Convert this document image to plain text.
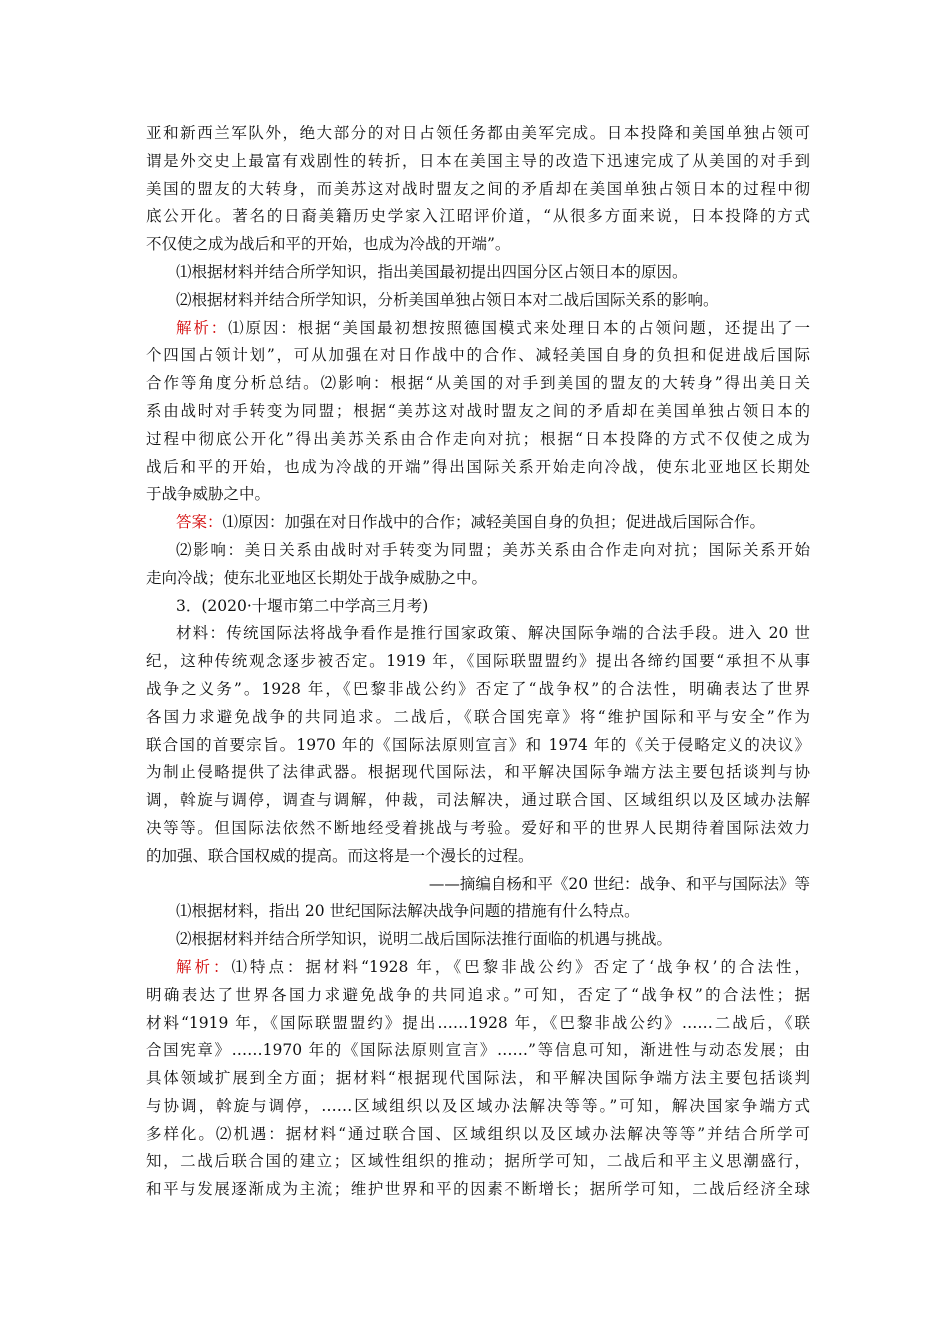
亚和新西兰军队外，绝大部分的对日占领任务都由美军完成。日本投降和美国单独占领可
谓是外交史上最富有戏剧性的转折，日本在美国主导的改造下迅速完成了从美国的对手到
美国的盟友的大转身，而美苏这对战时盟友之间的矛盾却在美国单独占领日本的过程中彻
底公开化。著名的日裔美籍历史学家入江昭评价道，“从很多方面来说，日本投降的方式
不仅使之成为战后和平的开始，也成为冷战的开端”。
⑴根据材料并结合所学知识，指出美国最初提出四国分区占领日本的原因。
⑵根据材料并结合所学知识，分析美国单独占领日本对二战后国际关系的影响。
解析：⑴原因：根据“美国最初想按照德国模式来处理日本的占领问题，还提出了一
个四国占领计划”，可从加强在对日作战中的合作、减轻美国自身的负担和促进战后国际
合作等角度分析总结。⑵影响：根据“从美国的对手到美国的盟友的大转身”得出美日关
系由战时对手转变为同盟；根据“美苏这对战时盟友之间的矛盾却在美国单独占领日本的
过程中彻底公开化”得出美苏关系由合作走向对抗；根据“日本投降的方式不仅使之成为
战后和平的开始，也成为冷战的开端”得出国际关系开始走向冷战，使东北亚地区长期处
于战争威胁之中。
答案：⑴原因：加强在对日作战中的合作；减轻美国自身的负担；促进战后国际合作。
⑵影响：美日关系由战时对手转变为同盟；美苏关系由合作走向对抗；国际关系开始
走向冷战；使东北亚地区长期处于战争威胁之中。
3．(2020·十堰市第二中学高三月考)
材料：传统国际法将战争看作是推行国家政策、解决国际争端的合法手段。进入 20 世
纪，这种传统观念逐步被否定。1919 年，《国际联盟盟约》提出各缔约国要“承担不从事
战争之义务”。1928 年，《巴黎非战公约》否定了“战争权”的合法性，明确表达了世界
各国力求避免战争的共同追求。二战后，《联合国宪章》将“维护国际和平与安全”作为
联合国的首要宗旨。1970 年的《国际法原则宣言》和 1974 年的《关于侵略定义的决议》
为制止侵略提供了法律武器。根据现代国际法，和平解决国际争端方法主要包括谈判与协
调，斡旋与调停，调查与调解，仲裁，司法解决，通过联合国、区域组织以及区域办法解
决等等。但国际法依然不断地经受着挑战与考验。爱好和平的世界人民期待着国际法效力
的加强、联合国权威的提高。而这将是一个漫长的过程。
——摘编自杨和平《20 世纪：战争、和平与国际法》等
⑴根据材料，指出 20 世纪国际法解决战争问题的措施有什么特点。
⑵根据材料并结合所学知识，说明二战后国际法推行面临的机遇与挑战。
解析：⑴特点：据材料“1928 年，《巴黎非战公约》否定了‘战争权’的合法性，
明确表达了世界各国力求避免战争的共同追求。”可知，否定了“战争权”的合法性；据
材料“1919 年，《国际联盟盟约》提出……1928 年，《巴黎非战公约》……二战后，《联
合国宪章》……1970 年的《国际法原则宣言》……”等信息可知，渐进性与动态发展；由
具体领域扩展到全方面；据材料“根据现代国际法，和平解决国际争端方法主要包括谈判
与协调，斡旋与调停，……区域组织以及区域办法解决等等。”可知，解决国家争端方式
多样化。⑵机遇：据材料“通过联合国、区域组织以及区域办法解决等等”并结合所学可
知，二战后联合国的建立；区域性组织的推动；据所学可知，二战后和平主义思潮盛行，
和平与发展逐渐成为主流；维护世界和平的因素不断增长；据所学可知，二战后经济全球
